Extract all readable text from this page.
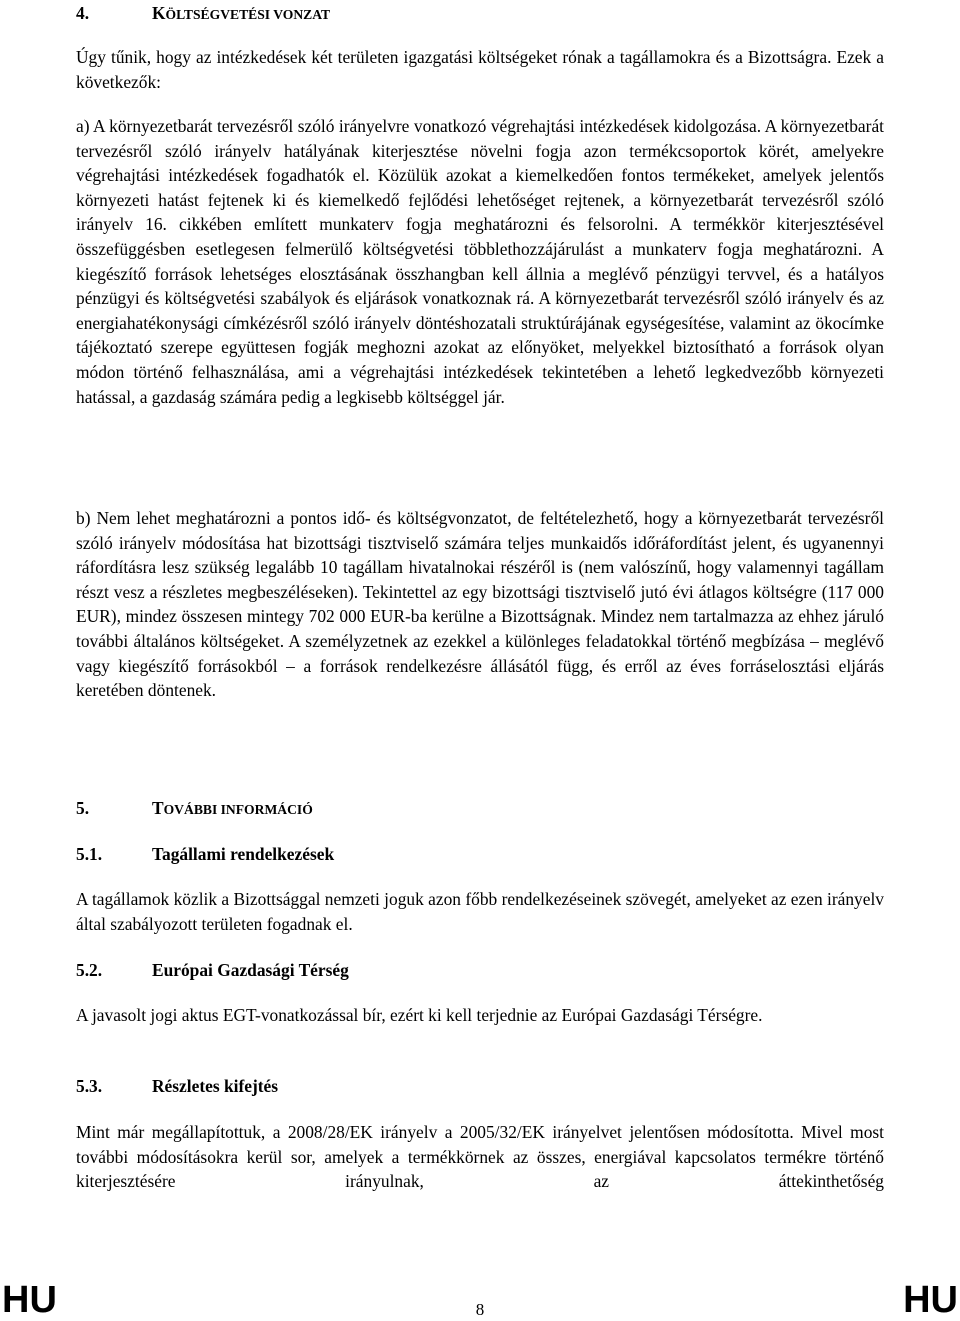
4.	KÖLTSÉGVETÉSI VONZAT

Úgy tűnik, hogy az intézkedések két területen igazgatási költségeket rónak a tagállamokra és a Bizottságra. Ezek a következők:

a) A környezetbarát tervezésről szóló irányelvre vonatkozó végrehajtási intézkedések kidolgozása. A környezetbarát tervezésről szóló irányelv hatályának kiterjesztése növelni fogja azon termékcsoportok körét, amelyekre végrehajtási intézkedések fogadhatók el. Közülük azokat a kiemelkedően fontos termékeket, amelyek jelentős környezeti hatást fejtenek ki és kiemelkedő fejlődési lehetőséget rejtenek, a környezetbarát tervezésről szóló irányelv 16. cikkében említett munkaterv fogja meghatározni és felsorolni. A termékkör kiterjesztésével összefüggésben esetlegesen felmerülő költségvetési többlethozzájárulást a munkaterv fogja meghatározni. A kiegészítő források lehetséges elosztásának összhangban kell állnia a meglévő pénzügyi tervvel, és a hatályos pénzügyi és költségvetési szabályok és eljárások vonatkoznak rá. A környezetbarát tervezésről szóló irányelv és az energiahatékonysági címkézésről szóló irányelv döntéshozatali struktúrájának egységesítése, valamint az ökocímke tájékoztató szerepe együttesen fogják meghozni azokat az előnyöket, melyekkel biztosítható a források olyan módon történő felhasználása, ami a végrehajtási intézkedések tekintetében a lehető legkedvezőbb környezeti hatással, a gazdaság számára pedig a legkisebb költséggel jár.

b) Nem lehet meghatározni a pontos idő- és költségvonzatot, de feltételezhető, hogy a környezetbarát tervezésről szóló irányelv módosítása hat bizottsági tisztviselő számára teljes munkaidős időráfordítást jelent, és ugyanennyi ráfordításra lesz szükség legalább 10 tagállam hivatalnokai részéről is (nem valószínű, hogy valamennyi tagállam részt vesz a részletes megbeszéléseken). Tekintettel az egy bizottsági tisztviselő jutó évi átlagos költségre (117 000 EUR), mindez összesen mintegy 702 000 EUR-ba kerülne a Bizottságnak. Mindez nem tartalmazza az ehhez járuló további általános költségeket. A személyzetnek az ezekkel a különleges feladatokkal történő megbízása – meglévő vagy kiegészítő forrásokból – a források rendelkezésre állásától függ, és erről az éves forráselosztási eljárás keretében döntenek.

5.	TOVÁBBI INFORMÁCIÓ
5.1.	Tagállami rendelkezések

A tagállamok közlik a Bizottsággal nemzeti joguk azon főbb rendelkezéseinek szövegét, amelyeket az ezen irányelv által szabályozott területen fogadnak el.

5.2.	Európai Gazdasági Térség

A javasolt jogi aktus EGT-vonatkozással bír, ezért ki kell terjednie az Európai Gazdasági Térségre.

5.3.	Részletes kifejtés

Mint már megállapítottuk, a 2008/28/EK irányelv a 2005/32/EK irányelvet jelentősen módosította. Mivel most további módosításokra kerül sor, amelyek a termékkörnek az összes, energiával kapcsolatos termékre történő kiterjesztésére irányulnak, az áttekinthetőség

HU	8	HU
